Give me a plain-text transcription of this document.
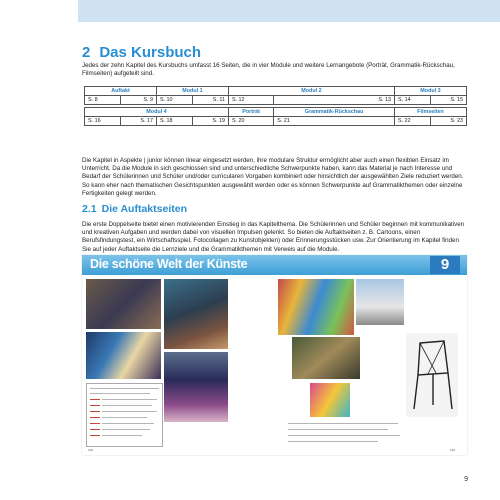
2 Das Kursbuch

Jedes der zehn Kapitel des Kursbuchs umfasst 16 Seiten, die in vier Module und weitere Lernangebote (Porträt, Grammatik-Rückschau, Filmseiten) aufgeteilt sind.

Auftakt		Modul 1		Modul 2		Modul 3	
S. 8	S. 9	S. 10	S. 11	S. 12	S. 13	S. 14	S. 15

Modul 4				Porträt	Grammatik-Rückschau	Filmseiten	
S. 16	S. 17	S. 18	S. 19	S. 20	S. 21	S. 22	S. 23

Die Kapitel in Aspekte | junior können linear eingesetzt werden, ihre modulare Struktur ermöglicht aber auch einen flexiblen Einsatz im Unterricht. Da die Module in sich geschlossen sind und unterschiedliche Schwerpunkte haben, kann das Material je nach Interesse und Bedarf der Schülerinnen und Schüler und/oder curricularen Vorgaben kombiniert oder hinsichtlich der ausgewählten Ziele reduziert werden. So kann eher nach thematischen Gesichtspunkten ausgewählt werden oder es können Schwerpunkte auf Grammatikthemen oder einzelne Fertigkeiten gelegt werden.

2.1 Die Auftaktseiten

Die erste Doppelseite bietet einen motivierenden Einstieg in das Kapitelthema. Die Schülerinnen und Schüler beginnen mit kommunikativen und kreativen Aufgaben und werden dabei von visuellen Impulsen gelenkt. So bieten die Auftaktseiten z. B. Cartoons, einen Berufsfindungstest, ein Wirtschaftsspiel, Fotocollagen zu Kunstobjekten) oder Erinnerungsstücken usw. Zur Orientierung im Kapitel finden Sie auf jeder Auftaktseite die Lernziele und die Grammatikthemen mit Verweis auf die Module.

Die schöne Welt der Künste	9
118	119
9
